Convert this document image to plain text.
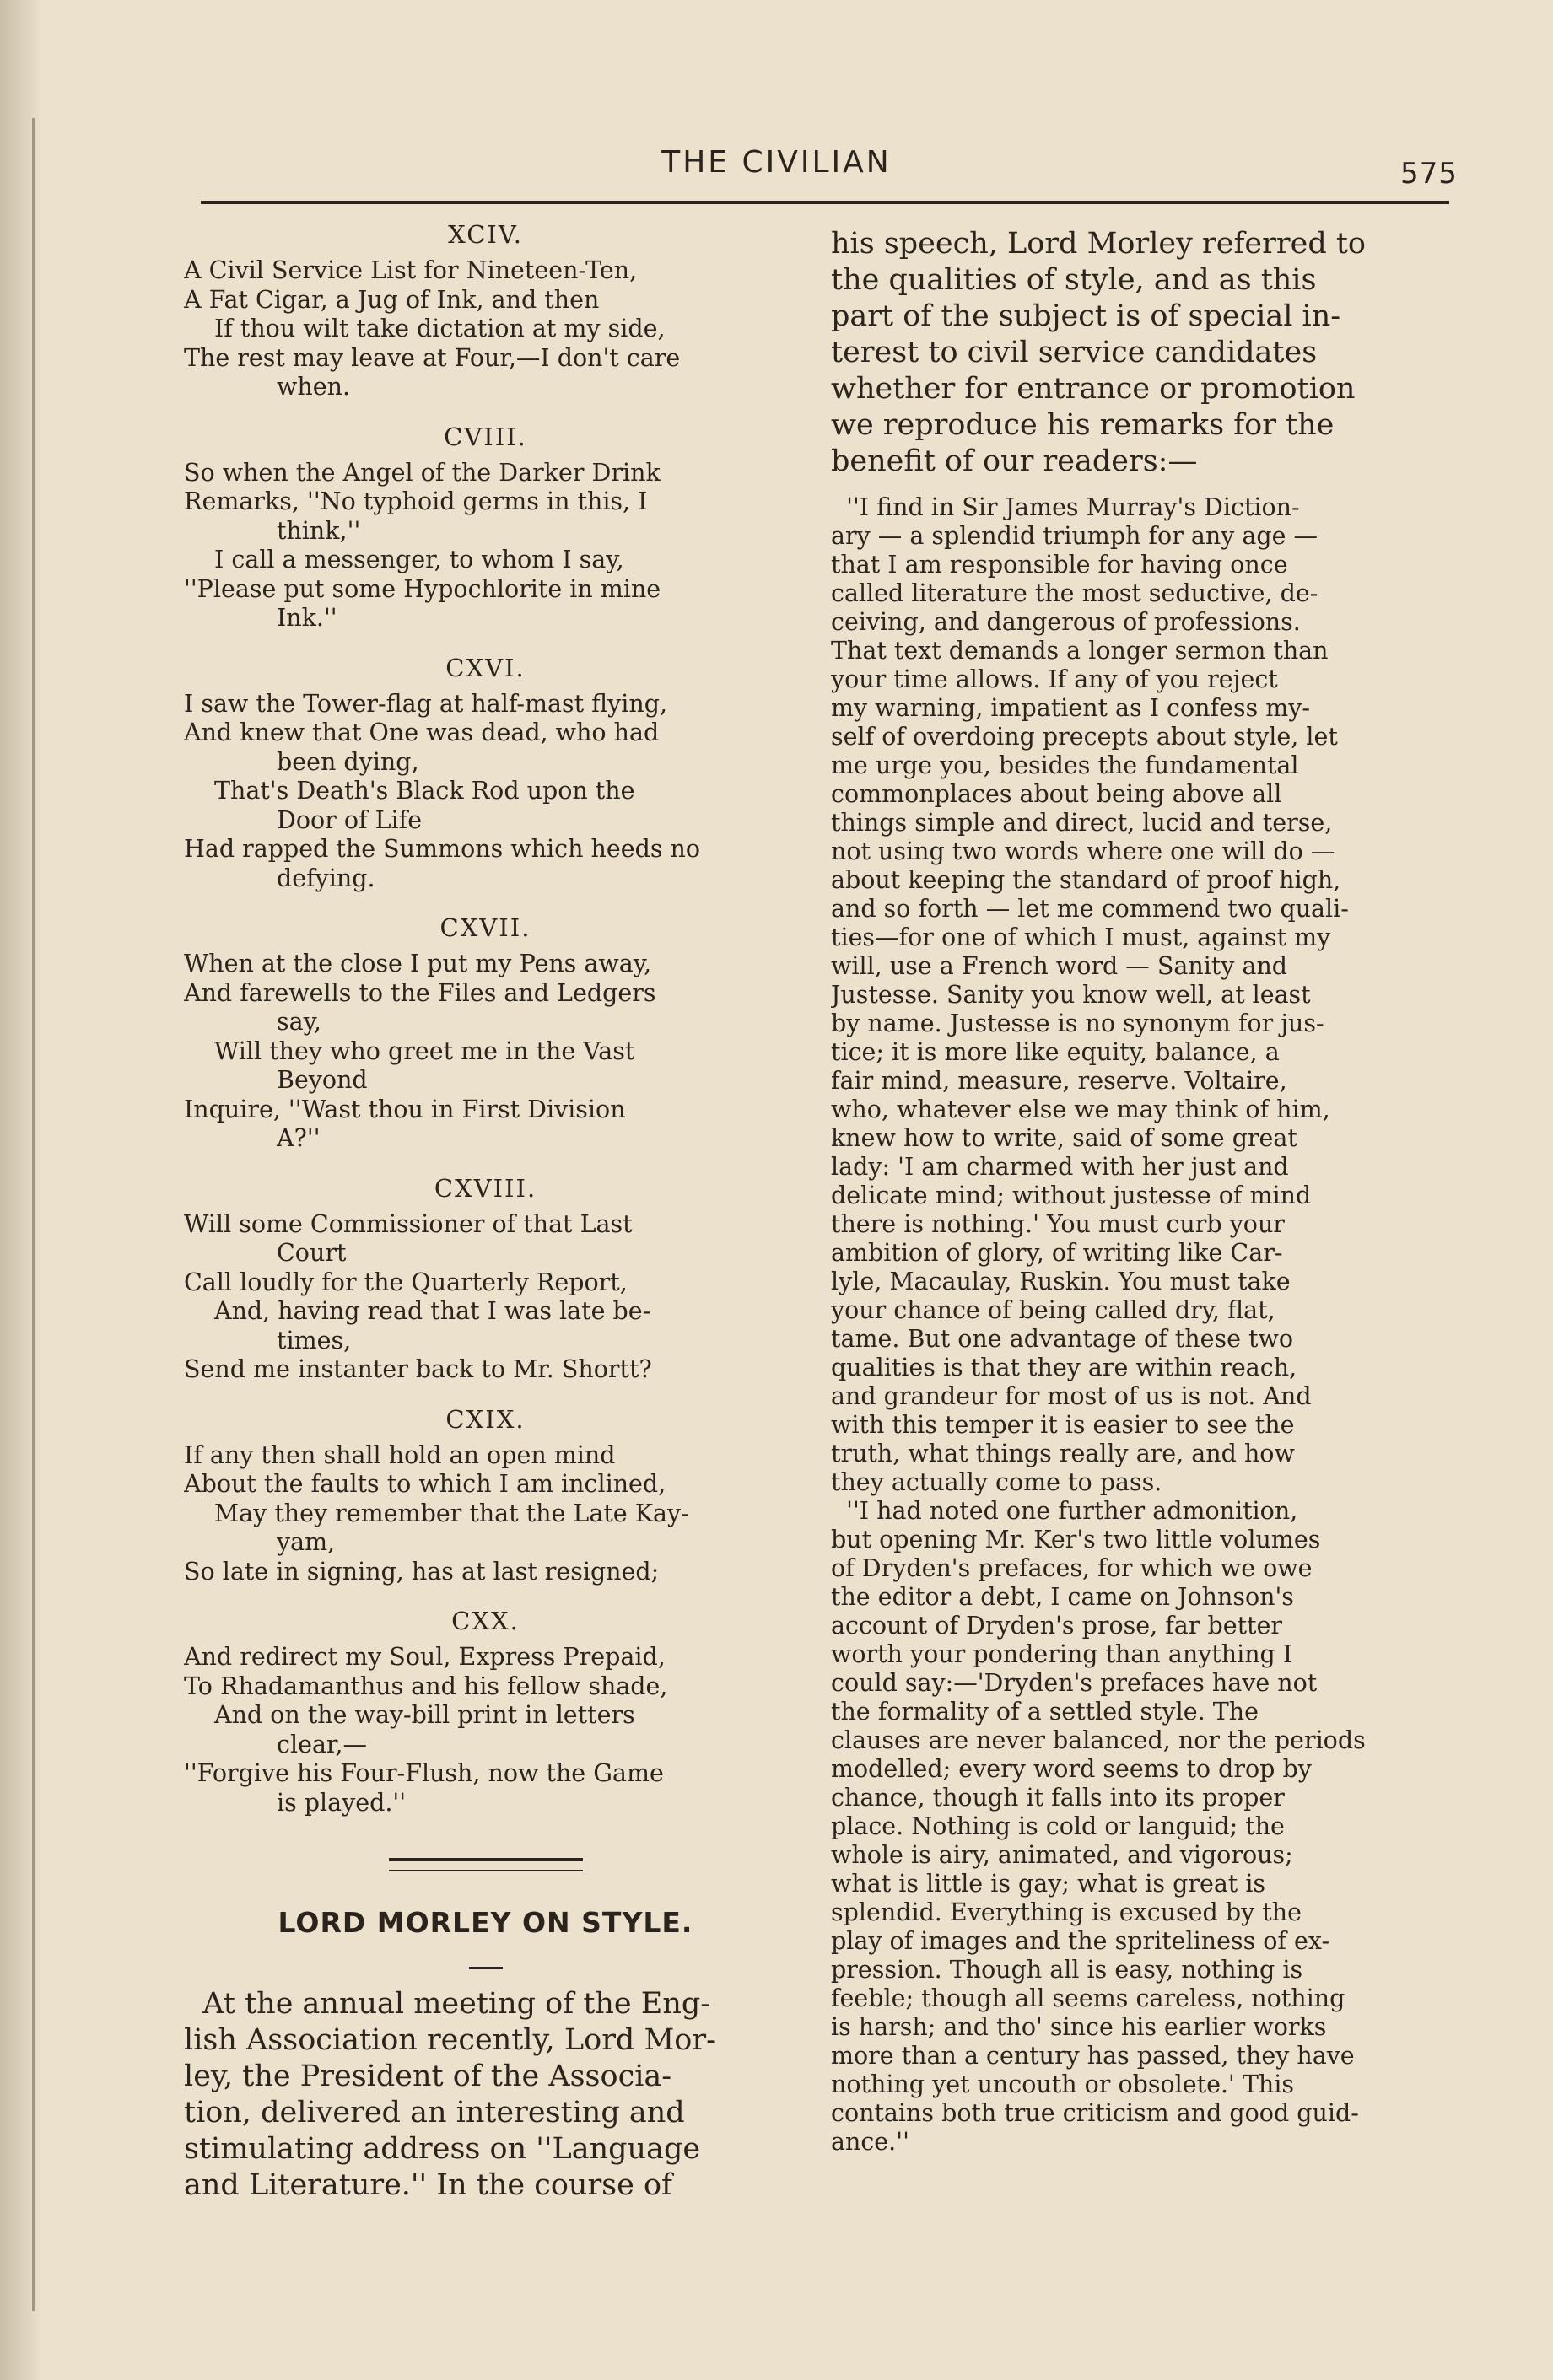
THE CIVILIAN	575
XCIV.
A Civil Service List for Nineteen-Ten,
A Fat Cigar, a Jug of Ink, and then
If thou wilt take dictation at my side,
The rest may leave at Four,—I don't care
when.
CVIII.
So when the Angel of the Darker Drink
Remarks, ''No typhoid germs in this, I
think,''
I call a messenger, to whom I say,
''Please put some Hypochlorite in mine
Ink.''
CXVI.
I saw the Tower-flag at half-mast flying,
And knew that One was dead, who had
been dying,
That's Death's Black Rod upon the
Door of Life
Had rapped the Summons which heeds no
defying.
CXVII.
When at the close I put my Pens away,
And farewells to the Files and Ledgers
say,
Will they who greet me in the Vast
Beyond
Inquire, ''Wast thou in First Division
A?''
CXVIII.
Will some Commissioner of that Last
Court
Call loudly for the Quarterly Report,
And, having read that I was late be-
times,
Send me instanter back to Mr. Shortt?
CXIX.
If any then shall hold an open mind
About the faults to which I am inclined,
May they remember that the Late Kay-
yam,
So late in signing, has at last resigned;
CXX.
And redirect my Soul, Express Prepaid,
To Rhadamanthus and his fellow shade,
And on the way-bill print in letters
clear,—
''Forgive his Four-Flush, now the Game
is played.''
LORD MORLEY ON STYLE.
At the annual meeting of the Eng-
lish Association recently, Lord Mor-
ley, the President of the Associa-
tion, delivered an interesting and
stimulating address on ''Language
and Literature.'' In the course of
his speech, Lord Morley referred to
the qualities of style, and as this
part of the subject is of special in-
terest to civil service candidates
whether for entrance or promotion
we reproduce his remarks for the
benefit of our readers:—
''I find in Sir James Murray's Diction-
ary — a splendid triumph for any age —
that I am responsible for having once
called literature the most seductive, de-
ceiving, and dangerous of professions.
That text demands a longer sermon than
your time allows. If any of you reject
my warning, impatient as I confess my-
self of overdoing precepts about style, let
me urge you, besides the fundamental
commonplaces about being above all
things simple and direct, lucid and terse,
not using two words where one will do —
about keeping the standard of proof high,
and so forth — let me commend two quali-
ties—for one of which I must, against my
will, use a French word — Sanity and
Justesse. Sanity you know well, at least
by name. Justesse is no synonym for jus-
tice; it is more like equity, balance, a
fair mind, measure, reserve. Voltaire,
who, whatever else we may think of him,
knew how to write, said of some great
lady: 'I am charmed with her just and
delicate mind; without justesse of mind
there is nothing.' You must curb your
ambition of glory, of writing like Car-
lyle, Macaulay, Ruskin. You must take
your chance of being called dry, flat,
tame. But one advantage of these two
qualities is that they are within reach,
and grandeur for most of us is not. And
with this temper it is easier to see the
truth, what things really are, and how
they actually come to pass.
''I had noted one further admonition,
but opening Mr. Ker's two little volumes
of Dryden's prefaces, for which we owe
the editor a debt, I came on Johnson's
account of Dryden's prose, far better
worth your pondering than anything I
could say:—'Dryden's prefaces have not
the formality of a settled style. The
clauses are never balanced, nor the periods
modelled; every word seems to drop by
chance, though it falls into its proper
place. Nothing is cold or languid; the
whole is airy, animated, and vigorous;
what is little is gay; what is great is
splendid. Everything is excused by the
play of images and the spriteliness of ex-
pression. Though all is easy, nothing is
feeble; though all seems careless, nothing
is harsh; and tho' since his earlier works
more than a century has passed, they have
nothing yet uncouth or obsolete.' This
contains both true criticism and good guid-
ance.''
